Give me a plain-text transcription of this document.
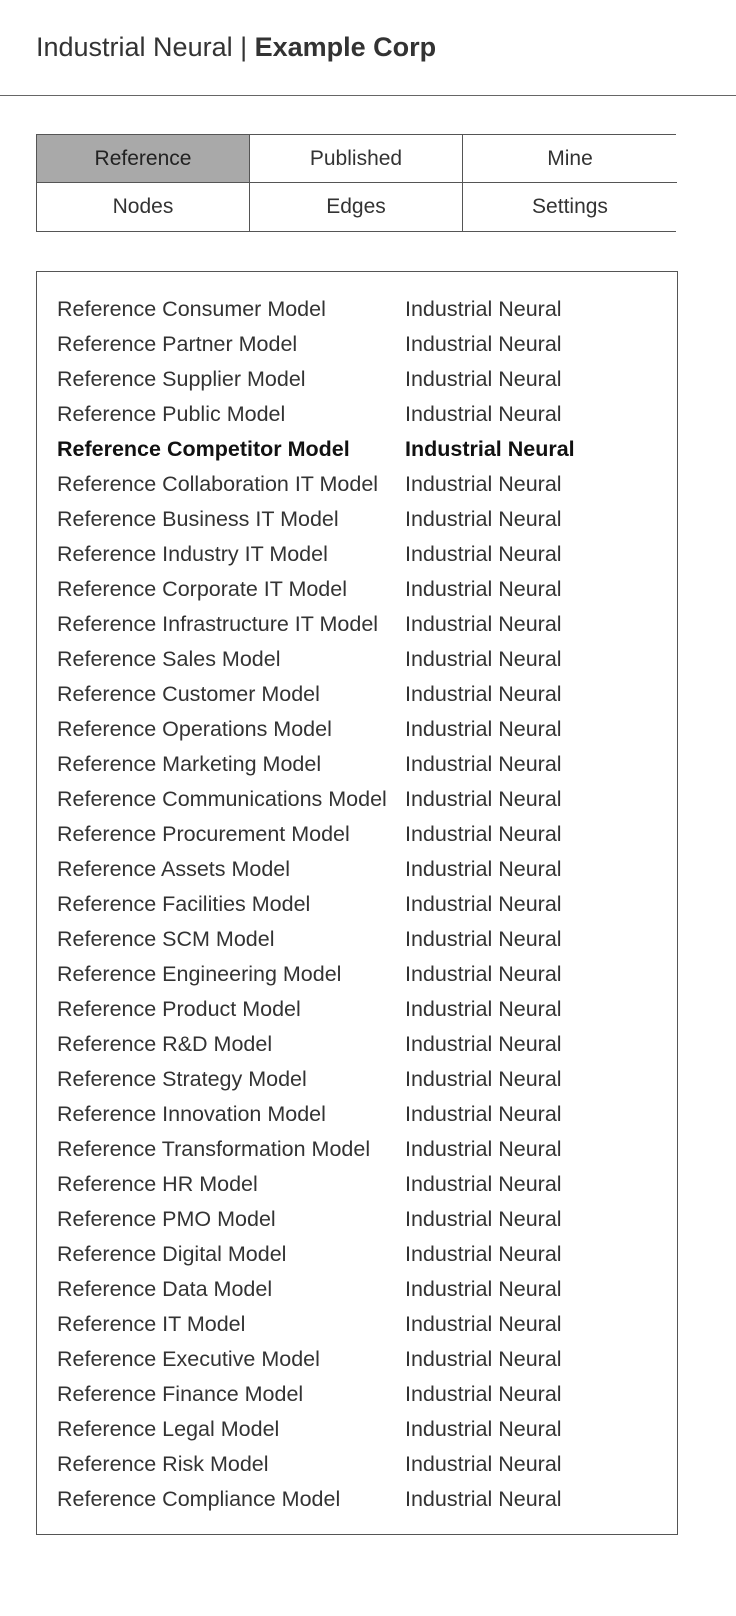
Industrial Neural | Example Corp
Reference	Published	Mine
Nodes	Edges	Settings
Reference Consumer Model	Industrial Neural
Reference Partner Model	Industrial Neural
Reference Supplier Model	Industrial Neural
Reference Public Model	Industrial Neural
Reference Competitor Model	Industrial Neural
Reference Collaboration IT Model	Industrial Neural
Reference Business IT Model	Industrial Neural
Reference Industry IT Model	Industrial Neural
Reference Corporate IT Model	Industrial Neural
Reference Infrastructure IT Model	Industrial Neural
Reference Sales Model	Industrial Neural
Reference Customer Model	Industrial Neural
Reference Operations Model	Industrial Neural
Reference Marketing Model	Industrial Neural
Reference Communications Model Industrial Neural
Reference Procurement Model	Industrial Neural
Reference Assets Model	Industrial Neural
Reference Facilities Model	Industrial Neural
Reference SCM Model	Industrial Neural
Reference Engineering Model	Industrial Neural
Reference Product Model	Industrial Neural
Reference R&D Model	Industrial Neural
Reference Strategy Model	Industrial Neural
Reference Innovation Model	Industrial Neural
Reference Transformation Model	Industrial Neural
Reference HR Model	Industrial Neural
Reference PMO Model	Industrial Neural
Reference Digital Model	Industrial Neural
Reference Data Model	Industrial Neural
Reference IT Model	Industrial Neural
Reference Executive Model	Industrial Neural
Reference Finance Model	Industrial Neural
Reference Legal Model	Industrial Neural
Reference Risk Model	Industrial Neural
Reference Compliance Model	Industrial Neural
